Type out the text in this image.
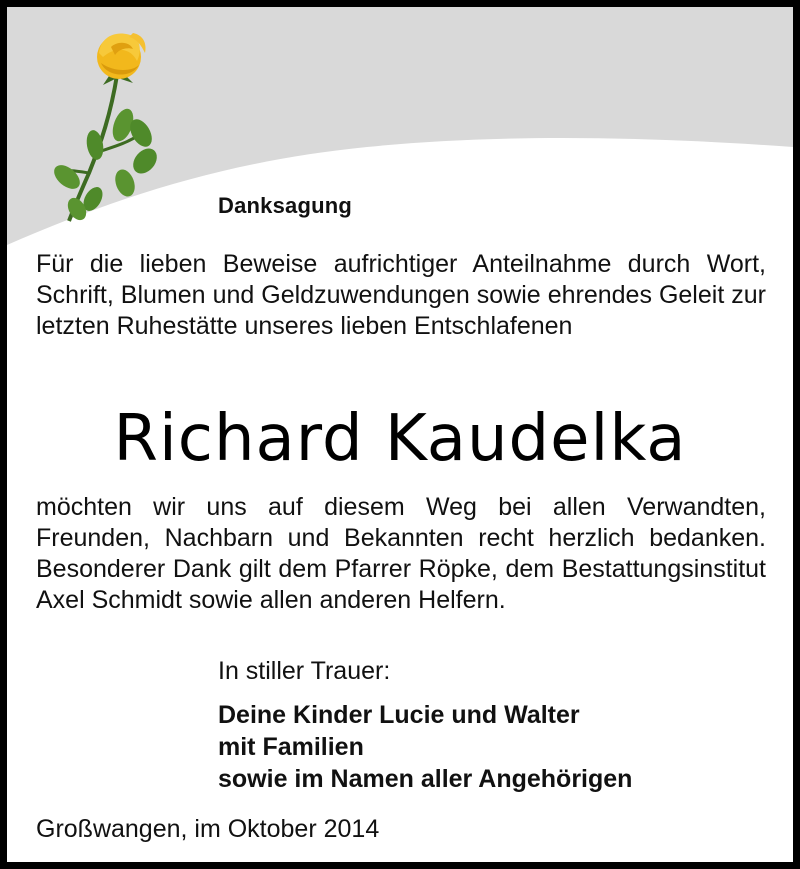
Danksagung

Für die lieben Beweise aufrichtiger Anteilnahme durch Wort, Schrift, Blumen und Geldzuwendungen sowie ehrendes Geleit zur letzten Ruhestätte unseres lieben Entschlafenen

Richard Kaudelka

möchten wir uns auf diesem Weg bei allen Verwandten, Freunden, Nachbarn und Bekannten recht herzlich bedanken. Besonderer Dank gilt dem Pfarrer Röpke, dem Bestattungsinstitut Axel Schmidt sowie allen anderen Helfern.

In stiller Trauer:
Deine Kinder Lucie und Walter
mit Familien
sowie im Namen aller Angehörigen
Großwangen, im Oktober 2014
